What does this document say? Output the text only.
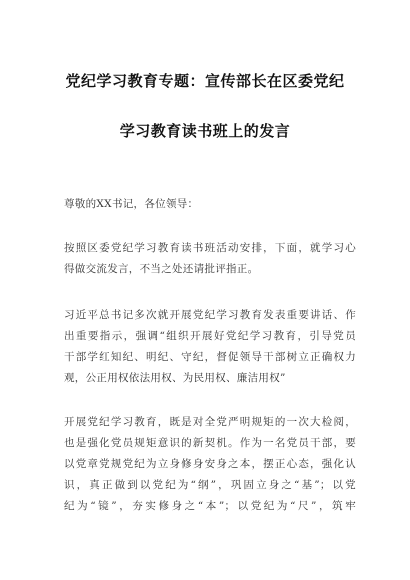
党纪学习教育专题：宣传部长在区委党纪
学习教育读书班上的发言
尊敬的XX书记，各位领导：
按照区委党纪学习教育读书班活动安排，下面，就学习心
得做交流发言，不当之处还请批评指正。
习近平总书记多次就开展党纪学习教育发表重要讲话、作
出重要指示，强调“组织开展好党纪学习教育，引导党员
干部学红知纪、明纪、守纪，督促领导干部树立正确权力
观，公正用权依法用权、为民用权、廉洁用权”
开展党纪学习教育，既是对全党严明规矩的一次大检阅，
也是强化党员规矩意识的新契机。作为一名党员干部，要
以党章党规党纪为立身修身安身之本，摆正心态，强化认
识，真正做到以党纪为“纲”，巩固立身之“基”；以党
纪为“镜”，夯实修身之“本”；以党纪为“尺”，筑牢
